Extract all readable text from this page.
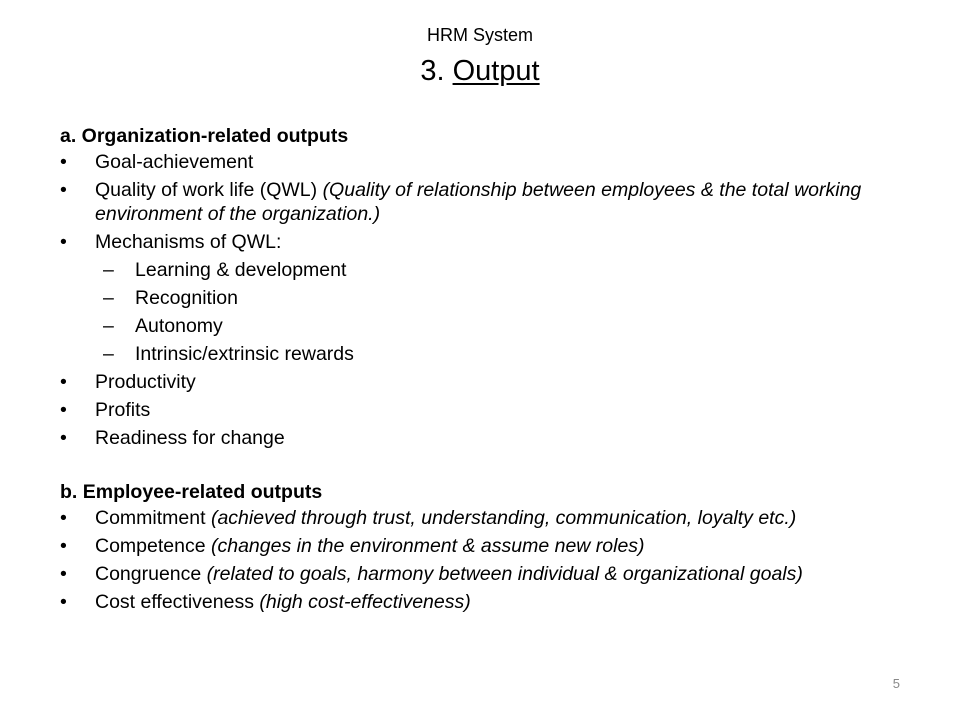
HRM System
3. Output
a. Organization-related outputs
•	Goal-achievement
•	Quality of work life (QWL) (Quality of relationship between employees & the total working environment of the organization.)
•	Mechanisms of QWL:
– Learning & development
– Recognition
– Autonomy
– Intrinsic/extrinsic rewards
•	Productivity
•	Profits
•	Readiness for change
b. Employee-related outputs
•	Commitment (achieved through trust, understanding, communication, loyalty etc.)
•	Competence (changes in the environment & assume new roles)
•	Congruence (related to goals, harmony between individual & organizational goals)
•	Cost effectiveness (high cost-effectiveness)
5
